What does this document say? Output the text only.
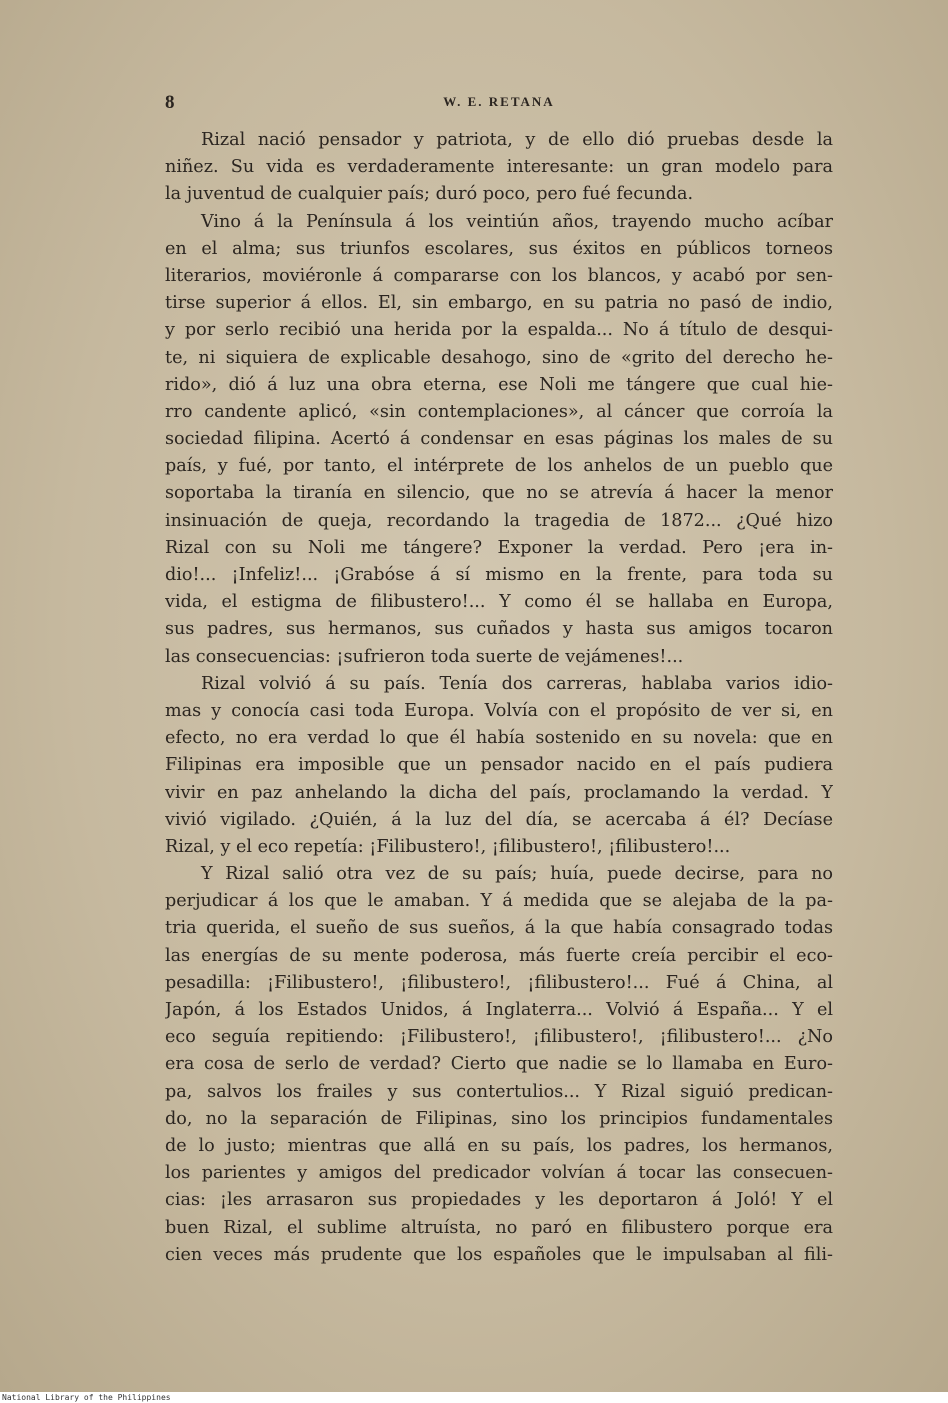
8	W. E. RETANA
Rizal nació pensador y patriota, y de ello dió pruebas desde la
niñez. Su vida es verdaderamente interesante: un gran modelo para
la juventud de cualquier país; duró poco, pero fué fecunda.
Vino á la Península á los veintiún años, trayendo mucho acíbar
en el alma; sus triunfos escolares, sus éxitos en públicos torneos
literarios, moviéronle á compararse con los blancos, y acabó por sen-
tirse superior á ellos. El, sin embargo, en su patria no pasó de indio,
y por serlo recibió una herida por la espalda... No á título de desqui-
te, ni siquiera de explicable desahogo, sino de «grito del derecho he-
rido», dió á luz una obra eterna, ese Noli me tángere que cual hie-
rro candente aplicó, «sin contemplaciones», al cáncer que corroía la
sociedad filipina. Acertó á condensar en esas páginas los males de su
país, y fué, por tanto, el intérprete de los anhelos de un pueblo que
soportaba la tiranía en silencio, que no se atrevía á hacer la menor
insinuación de queja, recordando la tragedia de 1872... ¿Qué hizo
Rizal con su Noli me tángere? Exponer la verdad. Pero ¡era in-
dio!... ¡Infeliz!... ¡Grabóse á sí mismo en la frente, para toda su
vida, el estigma de filibustero!... Y como él se hallaba en Europa,
sus padres, sus hermanos, sus cuñados y hasta sus amigos tocaron
las consecuencias: ¡sufrieron toda suerte de vejámenes!...
Rizal volvió á su país. Tenía dos carreras, hablaba varios idio-
mas y conocía casi toda Europa. Volvía con el propósito de ver si, en
efecto, no era verdad lo que él había sostenido en su novela: que en
Filipinas era imposible que un pensador nacido en el país pudiera
vivir en paz anhelando la dicha del país, proclamando la verdad. Y
vivió vigilado. ¿Quién, á la luz del día, se acercaba á él? Decíase
Rizal, y el eco repetía: ¡Filibustero!, ¡filibustero!, ¡filibustero!...
Y Rizal salió otra vez de su país; huía, puede decirse, para no
perjudicar á los que le amaban. Y á medida que se alejaba de la pa-
tria querida, el sueño de sus sueños, á la que había consagrado todas
las energías de su mente poderosa, más fuerte creía percibir el eco-
pesadilla: ¡Filibustero!, ¡filibustero!, ¡filibustero!... Fué á China, al
Japón, á los Estados Unidos, á Inglaterra... Volvió á España... Y el
eco seguía repitiendo: ¡Filibustero!, ¡filibustero!, ¡filibustero!... ¿No
era cosa de serlo de verdad? Cierto que nadie se lo llamaba en Euro-
pa, salvos los frailes y sus contertulios... Y Rizal siguió predican-
do, no la separación de Filipinas, sino los principios fundamentales
de lo justo; mientras que allá en su país, los padres, los hermanos,
los parientes y amigos del predicador volvían á tocar las consecuen-
cias: ¡les arrasaron sus propiedades y les deportaron á Joló! Y el
buen Rizal, el sublime altruísta, no paró en filibustero porque era
cien veces más prudente que los españoles que le impulsaban al fili-
National Library of the Philippines
